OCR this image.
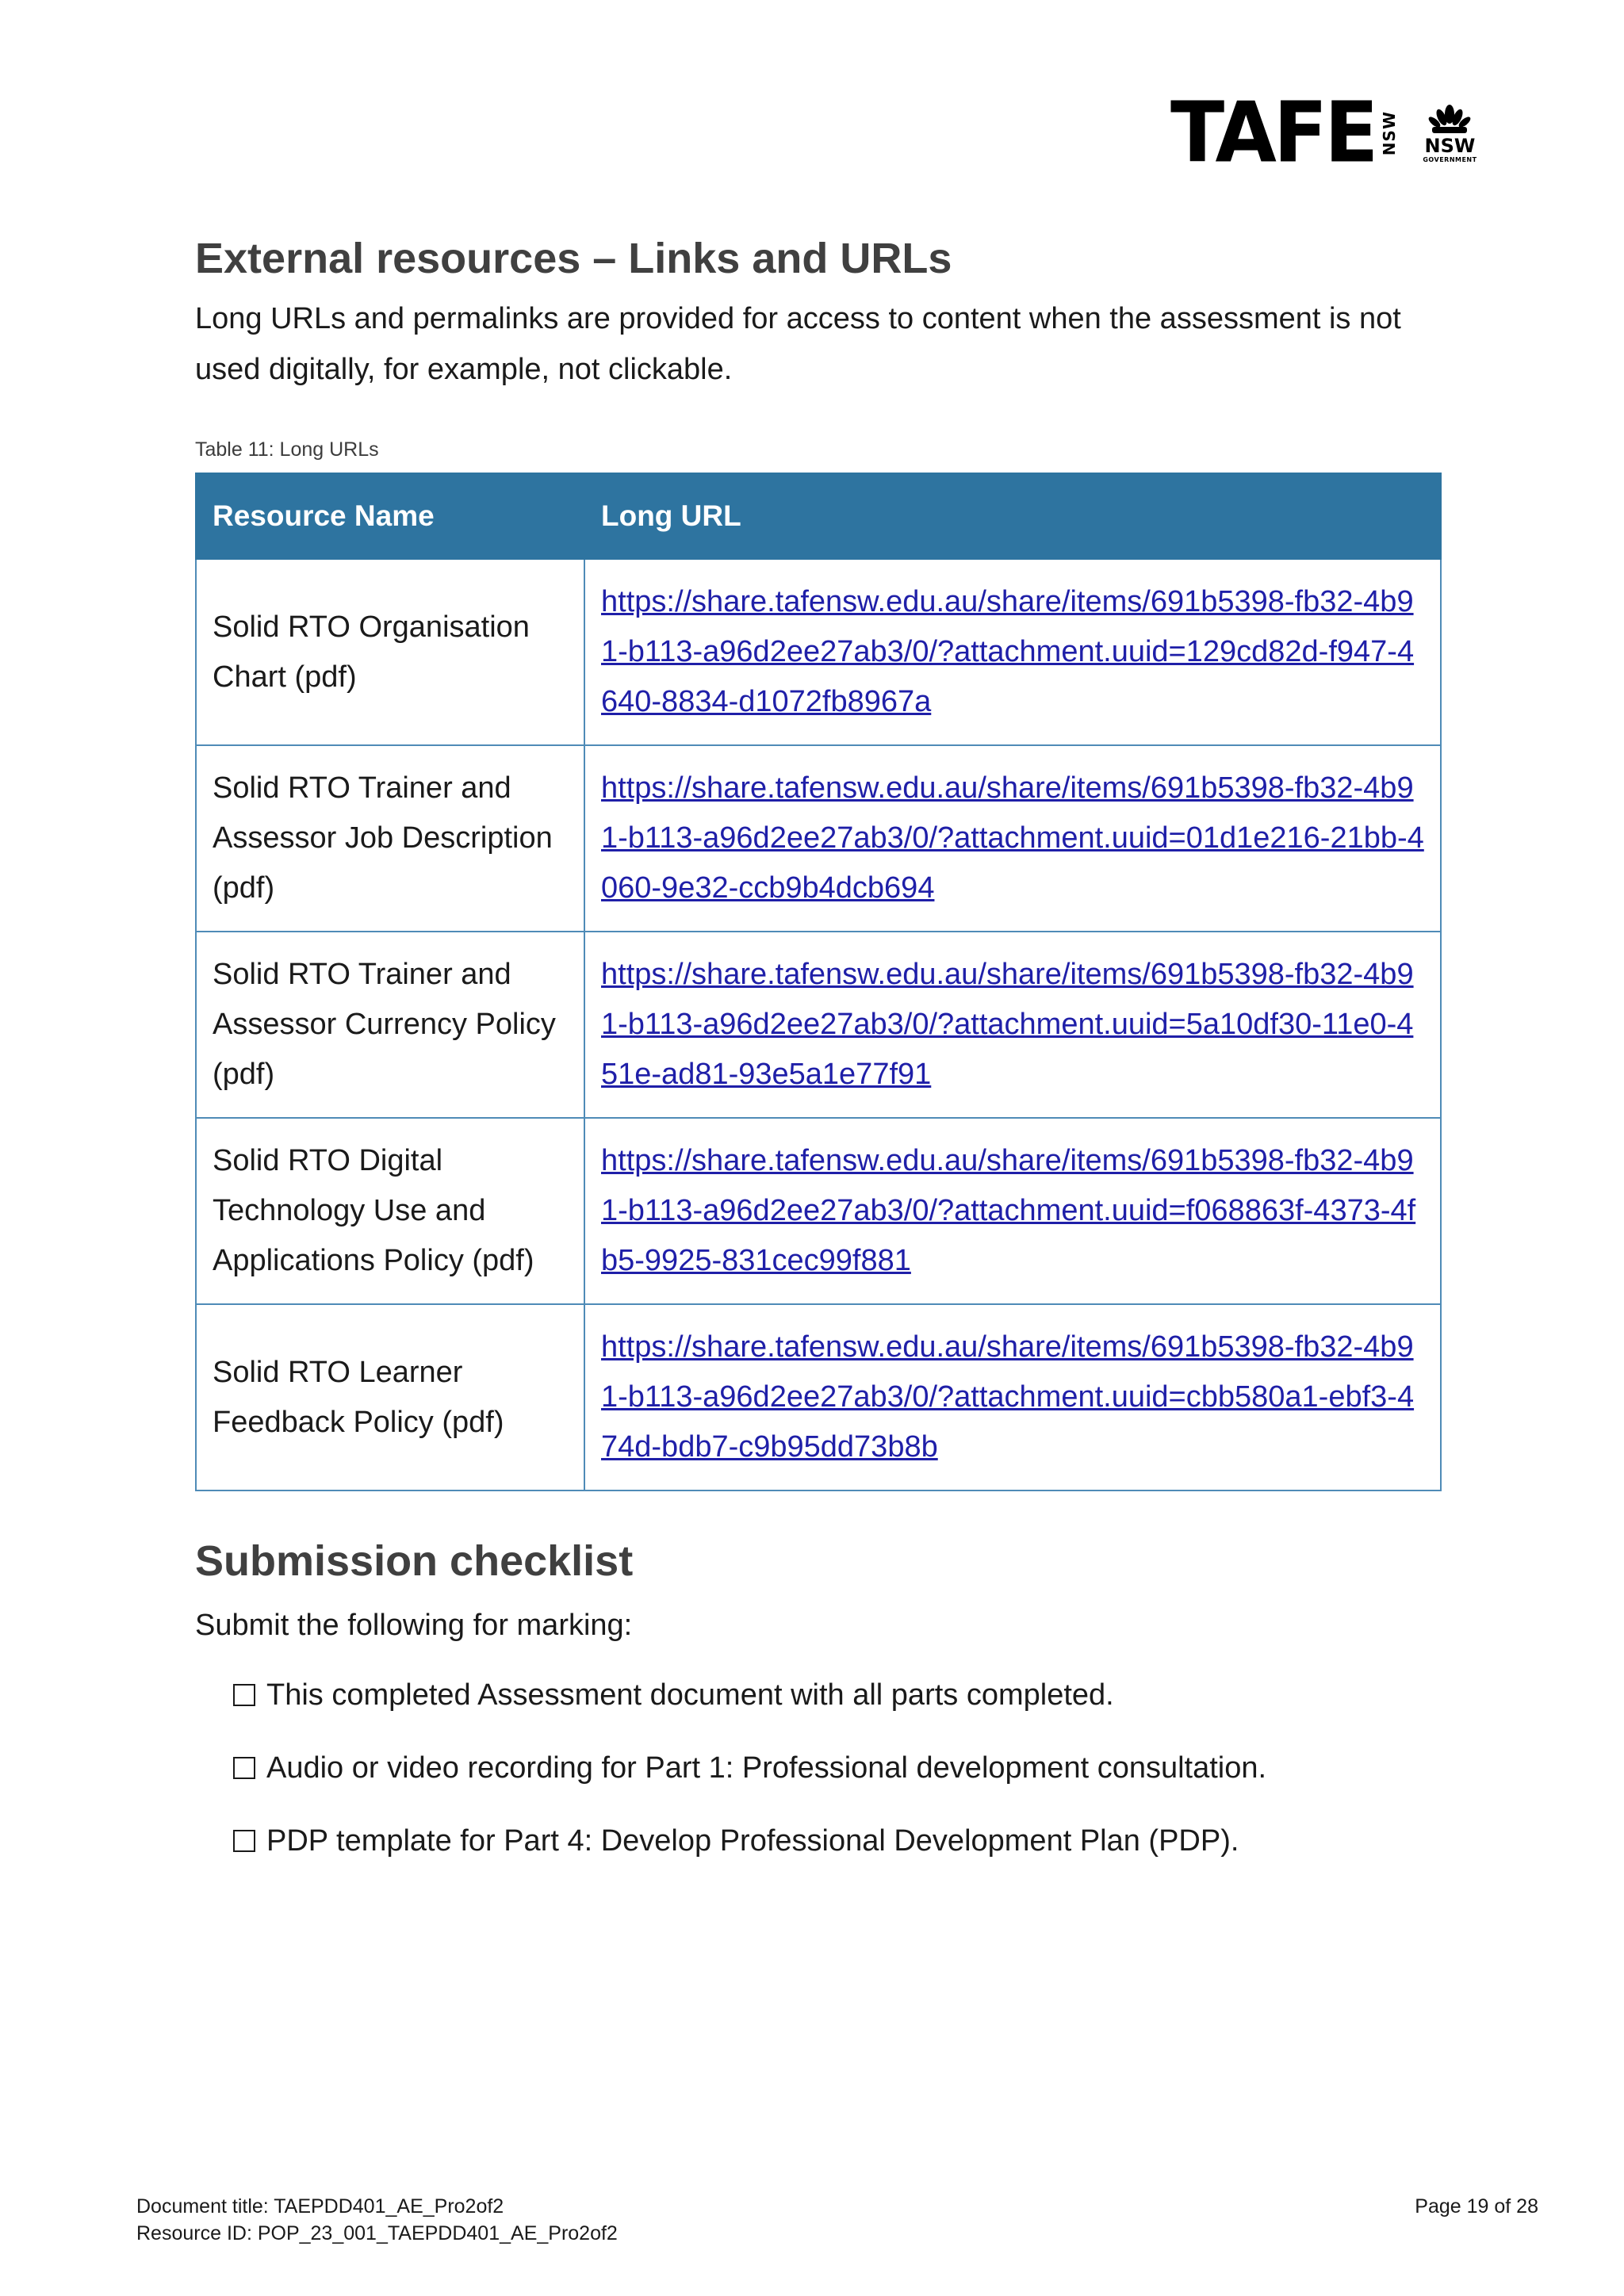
TAFE NSW NSW
GOVERNMENT
External resources – Links and URLs

Long URLs and permalinks are provided for access to content when the assessment is not used digitally, for example, not clickable.

Table 11: Long URLs
Resource Name	Long URL
Solid RTO Organisation Chart (pdf)	https://share.tafensw.edu.au/share/items/691b5398-fb32-4b91-b113-a96d2ee27ab3/0/?attachment.uuid=129cd82d-f947-4640-8834-d1072fb8967a
Solid RTO Trainer and Assessor Job Description (pdf)	https://share.tafensw.edu.au/share/items/691b5398-fb32-4b91-b113-a96d2ee27ab3/0/?attachment.uuid=01d1e216-21bb-4060-9e32-ccb9b4dcb694
Solid RTO Trainer and Assessor Currency Policy (pdf)	https://share.tafensw.edu.au/share/items/691b5398-fb32-4b91-b113-a96d2ee27ab3/0/?attachment.uuid=5a10df30-11e0-451e-ad81-93e5a1e77f91
Solid RTO Digital Technology Use and Applications Policy (pdf)	https://share.tafensw.edu.au/share/items/691b5398-fb32-4b91-b113-a96d2ee27ab3/0/?attachment.uuid=f068863f-4373-4fb5-9925-831cec99f881
Solid RTO Learner Feedback Policy (pdf)	https://share.tafensw.edu.au/share/items/691b5398-fb32-4b91-b113-a96d2ee27ab3/0/?attachment.uuid=cbb580a1-ebf3-474d-bdb7-c9b95dd73b8b
Submission checklist
Submit the following for marking:
This completed Assessment document with all parts completed.
Audio or video recording for Part 1: Professional development consultation.
PDP template for Part 4: Develop Professional Development Plan (PDP).
Document title: TAEPDD401_AE_Pro2of2
Resource ID: POP_23_001_TAEPDD401_AE_Pro2of2
Page 19 of 28
